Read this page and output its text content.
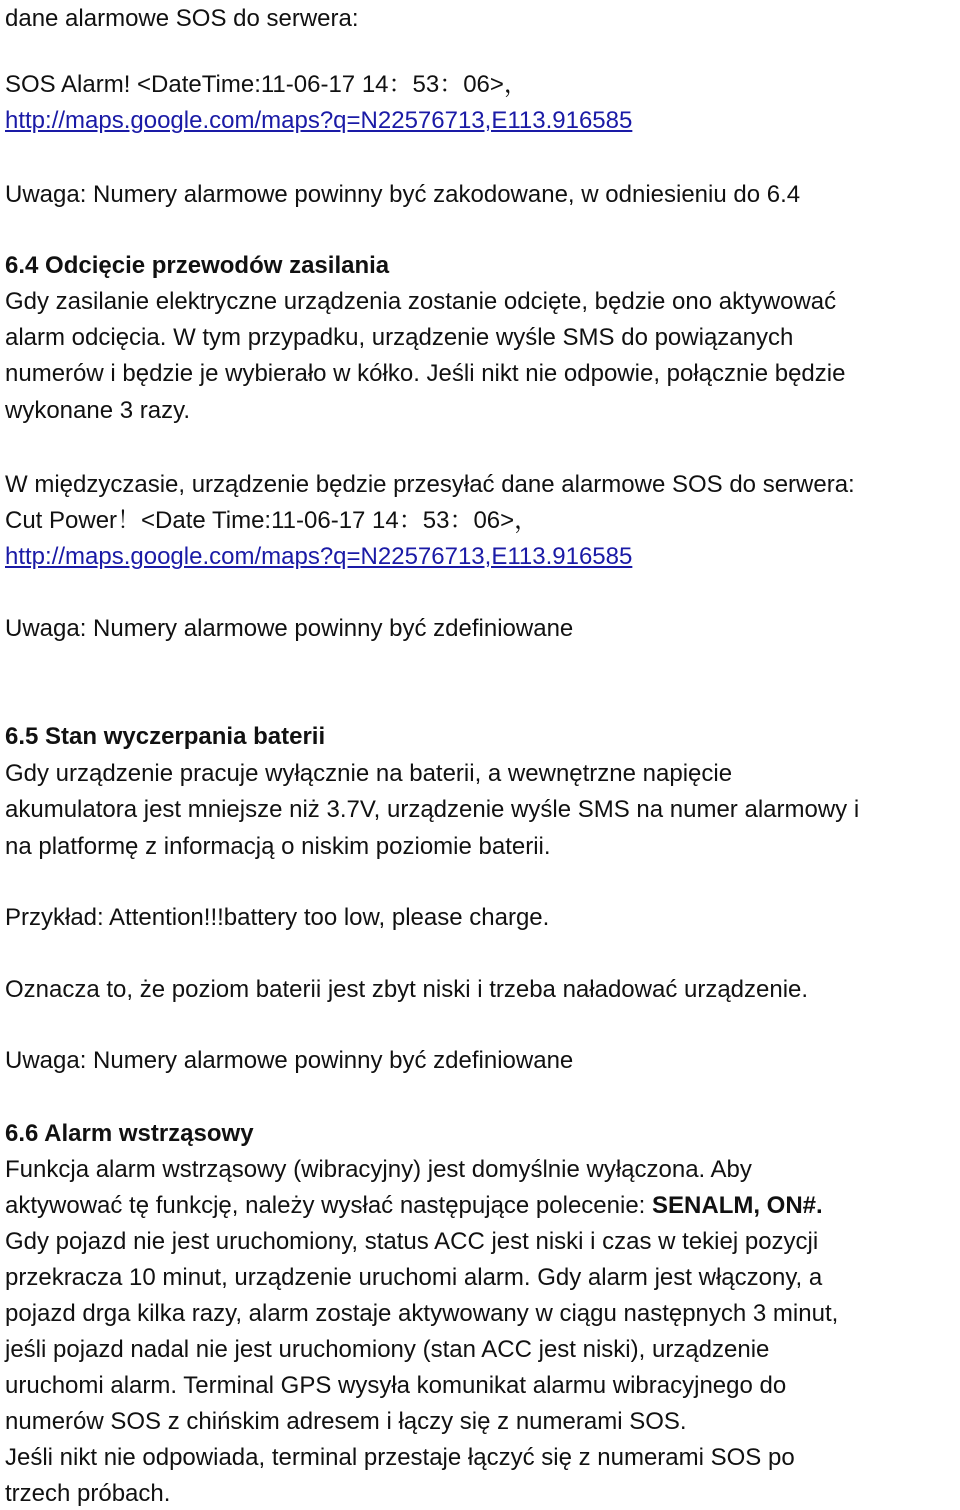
dane alarmowe SOS do serwera:
SOS Alarm! <DateTime:11-06-17 14：53：06>，
http://maps.google.com/maps?q=N22576713,E113.916585
Uwaga: Numery alarmowe powinny być zakodowane, w odniesieniu do 6.4
6.4 Odcięcie przewodów zasilania
Gdy zasilanie elektryczne urządzenia zostanie odcięte, będzie ono aktywować
alarm odcięcia. W tym przypadku, urządzenie wyśle SMS do powiązanych
numerów i będzie je wybierało w kółko. Jeśli nikt nie odpowie, połącznie będzie
wykonane 3 razy.
W międzyczasie, urządzenie będzie przesyłać dane alarmowe SOS do serwera:
Cut Power！<Date Time:11-06-17 14：53：06>，
http://maps.google.com/maps?q=N22576713,E113.916585
Uwaga: Numery alarmowe powinny być zdefiniowane
6.5 Stan wyczerpania baterii
Gdy urządzenie pracuje wyłącznie na baterii, a wewnętrzne napięcie
akumulatora jest mniejsze niż 3.7V, urządzenie wyśle SMS na numer alarmowy i
na platformę z informacją o niskim poziomie baterii.
Przykład: Attention!!!battery too low, please charge.
Oznacza to, że poziom baterii jest zbyt niski i trzeba naładować urządzenie.
Uwaga: Numery alarmowe powinny być zdefiniowane
6.6 Alarm wstrząsowy
Funkcja alarm wstrząsowy (wibracyjny) jest domyślnie wyłączona. Aby
aktywować tę funkcję, należy wysłać następujące polecenie: SENALM, ON#.
Gdy pojazd nie jest uruchomiony, status ACC jest niski i czas w tekiej pozycji
przekracza 10 minut, urządzenie uruchomi alarm. Gdy alarm jest włączony, a
pojazd drga kilka razy, alarm zostaje aktywowany w ciągu następnych 3 minut,
jeśli pojazd nadal nie jest uruchomiony (stan ACC jest niski), urządzenie
uruchomi alarm. Terminal GPS wysyła komunikat alarmu wibracyjnego do
numerów SOS z chińskim adresem i łączy się z numerami SOS.
Jeśli nikt nie odpowiada, terminal przestaje łączyć się z numerami SOS po
trzech próbach.
